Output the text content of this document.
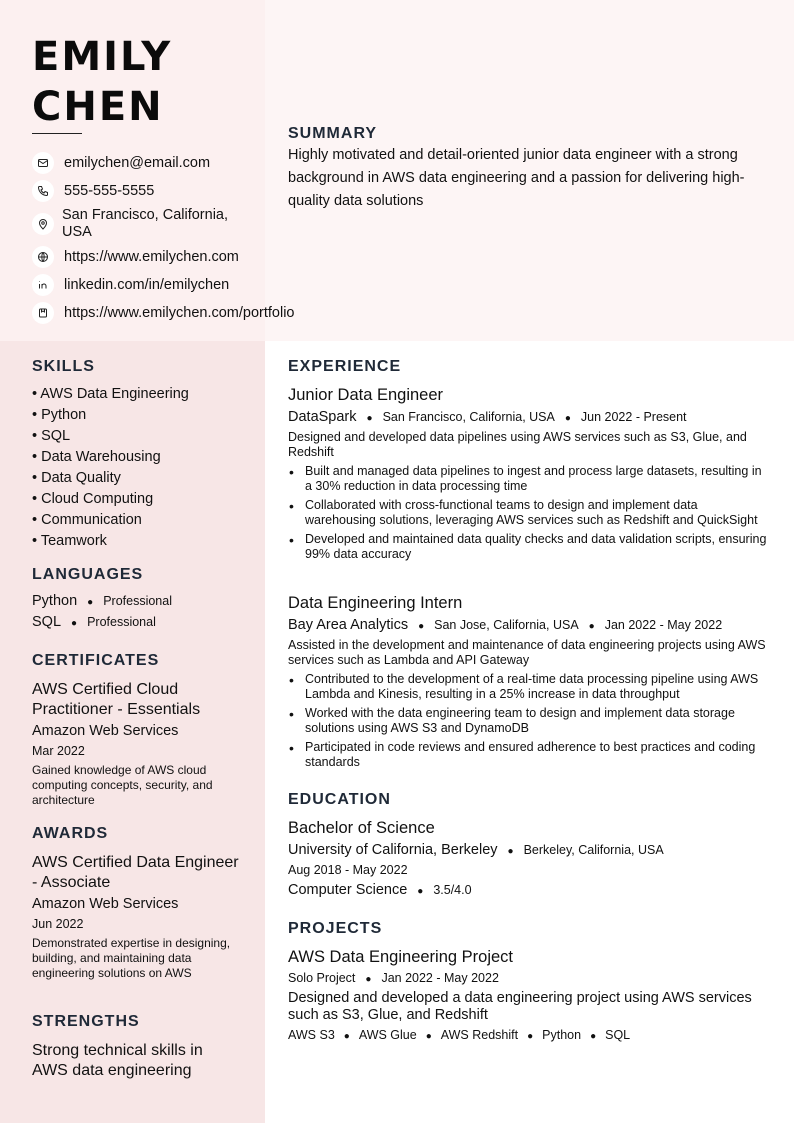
EMILY
CHEN
emilychen@email.com
555-555-5555
San Francisco, California, USA
https://www.emilychen.com
linkedin.com/in/emilychen
https://www.emilychen.com/portfolio
SUMMARY
Highly motivated and detail-oriented junior data engineer with a strong background in AWS data engineering and a passion for delivering high-quality data solutions
SKILLS
• AWS Data Engineering
• Python
• SQL
• Data Warehousing
• Data Quality
• Cloud Computing
• Communication
• Teamwork
LANGUAGES
Python ● Professional
SQL ● Professional
CERTIFICATES
AWS Certified Cloud Practitioner - Essentials
Amazon Web Services
Mar 2022
Gained knowledge of AWS cloud computing concepts, security, and architecture
AWARDS
AWS Certified Data Engineer - Associate
Amazon Web Services
Jun 2022
Demonstrated expertise in designing, building, and maintaining data engineering solutions on AWS
STRENGTHS
Strong technical skills in AWS data engineering
EXPERIENCE
Junior Data Engineer
DataSpark ● San Francisco, California, USA ● Jun 2022 - Present
Designed and developed data pipelines using AWS services such as S3, Glue, and Redshift
• Built and managed data pipelines to ingest and process large datasets, resulting in a 30% reduction in data processing time
• Collaborated with cross-functional teams to design and implement data warehousing solutions, leveraging AWS services such as Redshift and QuickSight
• Developed and maintained data quality checks and data validation scripts, ensuring 99% data accuracy
Data Engineering Intern
Bay Area Analytics ● San Jose, California, USA ● Jan 2022 - May 2022
Assisted in the development and maintenance of data engineering projects using AWS services such as Lambda and API Gateway
• Contributed to the development of a real-time data processing pipeline using AWS Lambda and Kinesis, resulting in a 25% increase in data throughput
• Worked with the data engineering team to design and implement data storage solutions using AWS S3 and DynamoDB
• Participated in code reviews and ensured adherence to best practices and coding standards
EDUCATION
Bachelor of Science
University of California, Berkeley ● Berkeley, California, USA
Aug 2018 - May 2022
Computer Science ● 3.5/4.0
PROJECTS
AWS Data Engineering Project
Solo Project ● Jan 2022 - May 2022
Designed and developed a data engineering project using AWS services such as S3, Glue, and Redshift
AWS S3 ● AWS Glue ● AWS Redshift ● Python ● SQL
